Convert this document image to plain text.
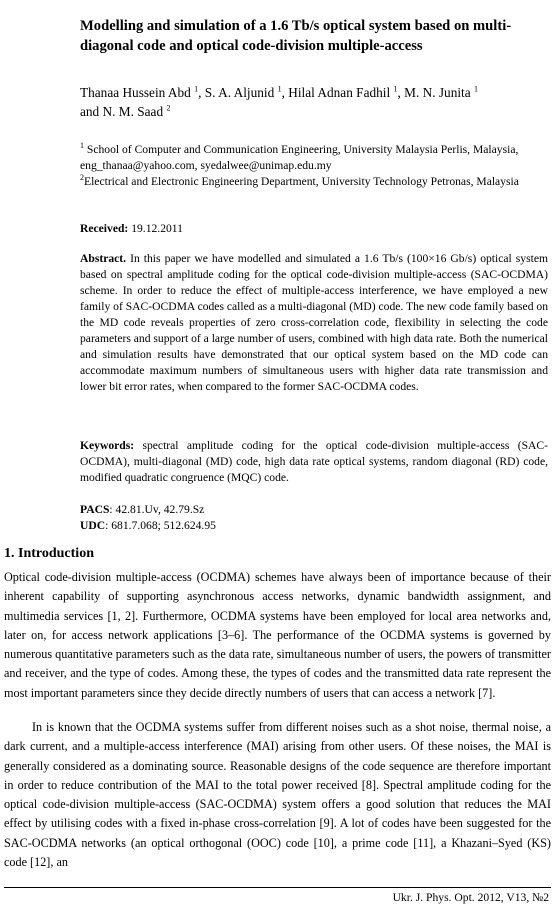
Modelling and simulation of a 1.6 Tb/s optical system based on multi-diagonal code and optical code-division multiple-access
Thanaa Hussein Abd $^1$, S. A. Aljunid $^1$, Hilal Adnan Fadhil $^1$, M. N. Junita $^1$
and N. M. Saad $^2$
$^1$ School of Computer and Communication Engineering, University Malaysia Perlis, Malaysia, eng_thanaa@yahoo.com, syedalwee@unimap.edu.my
$^2$Electrical and Electronic Engineering Department, University Technology Petronas, Malaysia
Received: 19.12.2011
Abstract. In this paper we have modelled and simulated a 1.6 Tb/s (100×16 Gb/s) optical system based on spectral amplitude coding for the optical code-division multiple-access (SAC-OCDMA) scheme. In order to reduce the effect of multiple-access interference, we have employed a new family of SAC-OCDMA codes called as a multi-diagonal (MD) code. The new code family based on the MD code reveals properties of zero cross-correlation code, flexibility in selecting the code parameters and support of a large number of users, combined with high data rate. Both the numerical and simulation results have demonstrated that our optical system based on the MD code can accommodate maximum numbers of simultaneous users with higher data rate transmission and lower bit error rates, when compared to the former SAC-OCDMA codes.
Keywords: spectral amplitude coding for the optical code-division multiple-access (SAC-OCDMA), multi-diagonal (MD) code, high data rate optical systems, random diagonal (RD) code, modified quadratic congruence (MQC) code.
PACS: 42.81.Uv, 42.79.Sz
UDC: 681.7.068; 512.624.95
1. Introduction
Optical code-division multiple-access (OCDMA) schemes have always been of importance because of their inherent capability of supporting asynchronous access networks, dynamic bandwidth assignment, and multimedia services [1, 2]. Furthermore, OCDMA systems have been employed for local area networks and, later on, for access network applications [3–6]. The performance of the OCDMA systems is governed by numerous quantitative parameters such as the data rate, simultaneous number of users, the powers of transmitter and receiver, and the type of codes. Among these, the types of codes and the transmitted data rate represent the most important parameters since they decide directly numbers of users that can access a network [7].
In is known that the OCDMA systems suffer from different noises such as a shot noise, thermal noise, a dark current, and a multiple-access interference (MAI) arising from other users. Of these noises, the MAI is generally considered as a dominating source. Reasonable designs of the code sequence are therefore important in order to reduce contribution of the MAI to the total power received [8]. Spectral amplitude coding for the optical code-division multiple-access (SAC-OCDMA) system offers a good solution that reduces the MAI effect by utilising codes with a fixed in-phase cross-correlation [9]. A lot of codes have been suggested for the SAC-OCDMA networks (an optical orthogonal (OOC) code [10], a prime code [11], a Khazani–Syed (KS) code [12], an
Ukr. J. Phys. Opt. 2012, V13, №2
